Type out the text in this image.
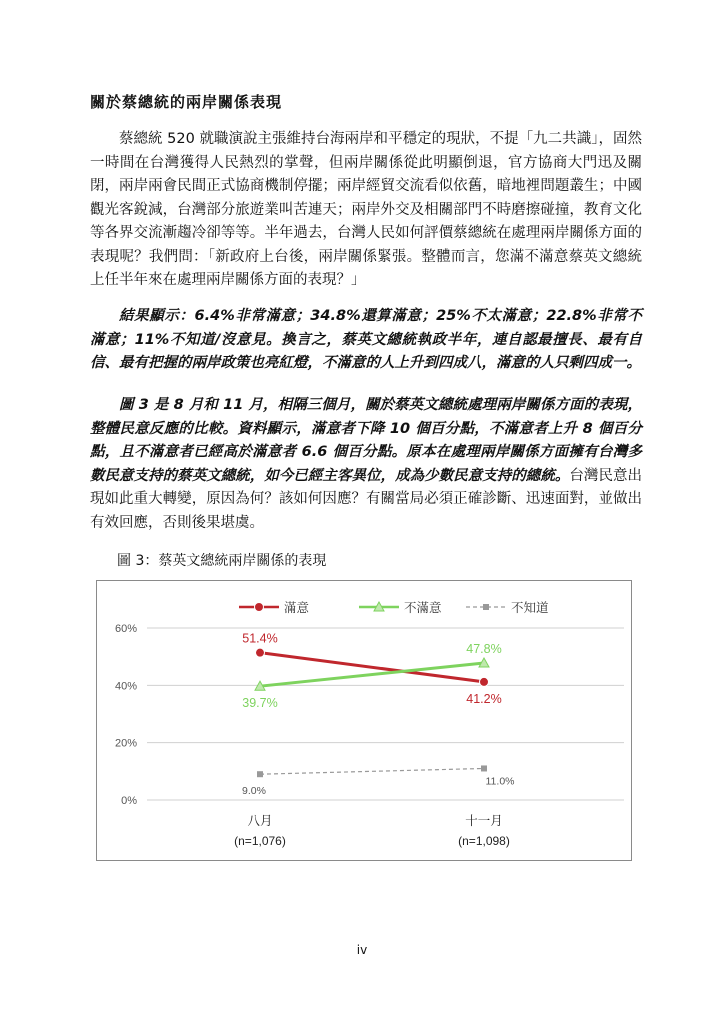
關於蔡總統的兩岸關係表現

蔡總統 520 就職演說主張維持台海兩岸和平穩定的現狀，不提「九二共識」，固然一時間在台灣獲得人民熱烈的掌聲，但兩岸關係從此明顯倒退，官方協商大門迅及關閉，兩岸兩會民間正式協商機制停擺；兩岸經貿交流看似依舊，暗地裡問題叢生；中國觀光客銳減，台灣部分旅遊業叫苦連天；兩岸外交及相關部門不時磨擦碰撞，教育文化等各界交流漸趨冷卻等等。半年過去，台灣人民如何評價蔡總統在處理兩岸關係方面的表現呢？我們問：「新政府上台後，兩岸關係緊張。整體而言，您滿不滿意蔡英文總統上任半年來在處理兩岸關係方面的表現？」

結果顯示：6.4%非常滿意；34.8%還算滿意；25%不太滿意；22.8%非常不滿意；11%不知道/沒意見。換言之，蔡英文總統執政半年，連自認最擅長、最有自信、最有把握的兩岸政策也亮紅燈，不滿意的人上升到四成八，滿意的人只剩四成一。

圖 3 是 8 月和 11 月，相隔三個月，關於蔡英文總統處理兩岸關係方面的表現，整體民意反應的比較。資料顯示，滿意者下降 10 個百分點，不滿意者上升 8 個百分點，且不滿意者已經高於滿意者 6.6 個百分點。原本在處理兩岸關係方面擁有台灣多數民意支持的蔡英文總統，如今已經主客異位，成為少數民意支持的總統。台灣民意出現如此重大轉變，原因為何？該如何因應？有關當局必須正確診斷、迅速面對，並做出有效回應，否則後果堪虞。

圖 3：蔡英文總統兩岸關係的表現
0%
20%
40%
60%
八月
(n=1,076)
十一月
(n=1,098)
滿意	不滿意	不知道
51.4%
41.2%
39.7%
47.8%
9.0%
11.0%
iv
